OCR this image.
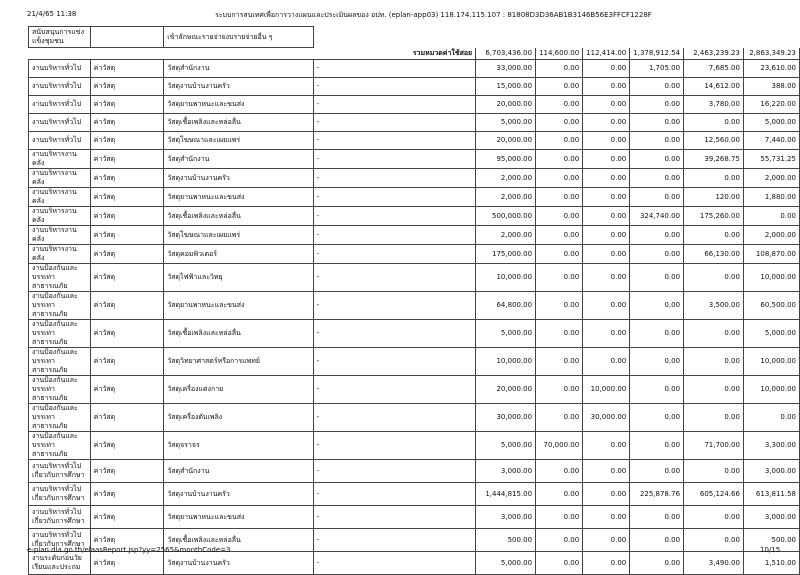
21/4/65 11:38	ระบบการสนเทศเพื่อการวางแผนและประเมินผลของ อปท. (eplan-app03) 118.174.115.107 : 81808D3D36AB1B3146B56E3FFCF1228F
สนับสนุนการแข่ง แข็งชุมชน		เข้าลักษณะรายจ่ายงบรายจ่ายอื่น ๆ							
รวมหมวดค่าใช้สอย				6,703,436.00	114,600.00	112,414.00	1,378,912.54	2,463,239.23	2,863,349.23
งานบริหารทั่วไป	ค่าวัสดุ	วัสดุสำนักงาน	-	33,000.00	0.00	0.00	1,705.00	7,685.00	23,610.00
งานบริหารทั่วไป	ค่าวัสดุ	วัสดุงานบ้านงานครัว	-	15,000.00	0.00	0.00	0.00	14,612.00	388.00
งานบริหารทั่วไป	ค่าวัสดุ	วัสดุยานพาหนะและขนส่ง	-	20,000.00	0.00	0.00	0.00	3,780.00	16,220.00
งานบริหารทั่วไป	ค่าวัสดุ	วัสดุเชื้อเพลิงและหล่อลื่น	-	5,000.00	0.00	0.00	0.00	0.00	5,000.00
งานบริหารทั่วไป	ค่าวัสดุ	วัสดุโฆษณาและเผยแพร่	-	20,000.00	0.00	0.00	0.00	12,560.00	7,440.00
งานบริหารงานคลัง	ค่าวัสดุ	วัสดุสำนักงาน	-	95,000.00	0.00	0.00	0.00	39,268.75	55,731.25
งานบริหารงานคลัง	ค่าวัสดุ	วัสดุงานบ้านงานครัว	-	2,000.00	0.00	0.00	0.00	0.00	2,000.00
งานบริหารงานคลัง	ค่าวัสดุ	วัสดุยานพาหนะและขนส่ง	-	2,000.00	0.00	0.00	0.00	120.00	1,880.00
งานบริหารงานคลัง	ค่าวัสดุ	วัสดุเชื้อเพลิงและหล่อลื่น	-	500,000.00	0.00	0.00	324,740.00	175,260.00	0.00
งานบริหารงานคลัง	ค่าวัสดุ	วัสดุโฆษณาและเผยแพร่	-	2,000.00	0.00	0.00	0.00	0.00	2,000.00
งานบริหารงานคลัง	ค่าวัสดุ	วัสดุคอมพิวเตอร์	-	175,000.00	0.00	0.00	0.00	66,130.00	108,870.00
งานป้องกันและบรรเทาสาธารณภัย	ค่าวัสดุ	วัสดุไฟฟ้าและวิทยุ	-	10,000.00	0.00	0.00	0.00	0.00	10,000.00
งานป้องกันและบรรเทาสาธารณภัย	ค่าวัสดุ	วัสดุยานพาหนะและขนส่ง	-	64,800.00	0.00	0.00	0.00	3,500.00	60,500.00
งานป้องกันและบรรเทาสาธารณภัย	ค่าวัสดุ	วัสดุเชื้อเพลิงและหล่อลื่น	-	5,000.00	0.00	0.00	0.00	0.00	5,000.00
งานป้องกันและบรรเทาสาธารณภัย	ค่าวัสดุ	วัสดุวิทยาศาสตร์หรือการแพทย์	-	10,000.00	0.00	0.00	0.00	0.00	10,000.00
งานป้องกันและบรรเทาสาธารณภัย	ค่าวัสดุ	วัสดุเครื่องแต่งกาย	-	20,000.00	0.00	10,000.00	0.00	0.00	10,000.00
งานป้องกันและบรรเทาสาธารณภัย	ค่าวัสดุ	วัสดุเครื่องดับเพลิง	-	30,000.00	0.00	30,000.00	0.00	0.00	0.00
งานป้องกันและบรรเทาสาธารณภัย	ค่าวัสดุ	วัสดุจราจร	-	5,000.00	70,000.00	0.00	0.00	71,700.00	3,300.00
งานบริหารทั่วไปเกี่ยวกับการศึกษา	ค่าวัสดุ	วัสดุสำนักงาน	-	3,000.00	0.00	0.00	0.00	0.00	3,000.00
งานบริหารทั่วไปเกี่ยวกับการศึกษา	ค่าวัสดุ	วัสดุงานบ้านงานครัว	-	1,444,815.00	0.00	0.00	225,878.76	605,124.66	613,811.58
งานบริหารทั่วไปเกี่ยวกับการศึกษา	ค่าวัสดุ	วัสดุยานพาหนะและขนส่ง	-	3,000.00	0.00	0.00	0.00	0.00	3,000.00
งานบริหารทั่วไปเกี่ยวกับการศึกษา	ค่าวัสดุ	วัสดุเชื้อเพลิงและหล่อลื่น	-	500.00	0.00	0.00	0.00	0.00	500.00
งานระดับก่อนวัยเรียนและประถม	ค่าวัสดุ	วัสดุงานบ้านงานครัว	-	5,000.00	0.00	0.00	0.00	3,490.00	1,510.00
e-plan.dla.go.th/elaasReport.jsp?yy=2565&monthCode=3	10/15
